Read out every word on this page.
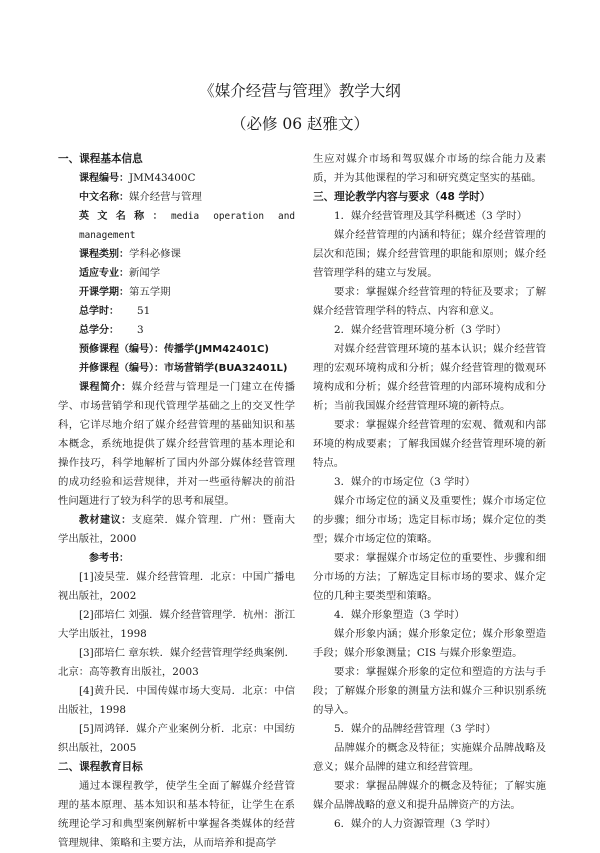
《媒介经营与管理》教学大纲
（必修 06 赵雅文）
一、课程基本信息
课程编号：JMM43400C
中文名称：媒介经营与管理
英文名称：media operation and management
课程类别：学科必修课
适应专业：新闻学
开课学期：第五学期
总学时： 51
总学分： 3
预修课程（编号）：传播学(JMM42401C)
并修课程（编号）：市场营销学(BUA32401L)
课程简介：媒介经营与管理是一门建立在传播学、市场营销学和现代管理学基础之上的交叉性学科，它详尽地介绍了媒介经营管理的基础知识和基本概念，系统地提供了媒介经营管理的基本理论和操作技巧，科学地解析了国内外部分媒体经营管理的成功经验和运营规律，并对一些亟待解决的前沿性问题进行了较为科学的思考和展望。
教材建议：支庭荣．媒介管理．广州：暨南大学出版社，2000
参考书：
[1]凌昊莹．媒介经营管理．北京：中国广播电视出版社，2002
[2]邵培仁 刘强．媒介经营管理学．杭州：浙江大学出版社，1998
[3]邵培仁 章东轶．媒介经营管理学经典案例．北京：高等教育出版社，2003
[4]黄升民．中国传媒市场大变局．北京：中信出版社，1998
[5]周鸿铎．媒介产业案例分析．北京：中国纺织出版社，2005
二、课程教育目标
通过本课程教学，使学生全面了解媒介经营管理的基本原理、基本知识和基本特征，让学生在系统理论学习和典型案例解析中掌握各类媒体的经营管理规律、策略和主要方法，从而培养和提高学
生应对媒介市场和驾驭媒介市场的综合能力及素质，并为其他课程的学习和研究奠定坚实的基础。
三、理论教学内容与要求（48 学时）
1．媒介经营管理及其学科概述（3 学时）
媒介经营管理的内涵和特征；媒介经营管理的层次和范围；媒介经营管理的职能和原则；媒介经营管理学科的建立与发展。
要求：掌握媒介经营管理的特征及要求；了解媒介经营管理学科的特点、内容和意义。
2．媒介经营管理环境分析（3 学时）
对媒介经营管理环境的基本认识；媒介经营管理的宏观环境构成和分析；媒介经营管理的微观环境构成和分析；媒介经营管理的内部环境构成和分析；当前我国媒介经营管理环境的新特点。
要求：掌握媒介经营管理的宏观、微观和内部环境的构成要素；了解我国媒介经营管理环境的新特点。
3．媒介的市场定位（3 学时）
媒介市场定位的涵义及重要性；媒介市场定位的步骤；细分市场；选定目标市场；媒介定位的类型；媒介市场定位的策略。
要求：掌握媒介市场定位的重要性、步骤和细分市场的方法；了解选定目标市场的要求、媒介定位的几种主要类型和策略。
4．媒介形象塑造（3 学时）
媒介形象内涵；媒介形象定位；媒介形象塑造手段；媒介形象测量；CIS 与媒介形象塑造。
要求：掌握媒介形象的定位和塑造的方法与手段；了解媒介形象的测量方法和媒介三种识别系统的导入。
5．媒介的品牌经营管理（3 学时）
品牌媒介的概念及特征；实施媒介品牌战略及意义；媒介品牌的建立和经营管理。
要求：掌握品牌媒介的概念及特征；了解实施媒介品牌战略的意义和提升品牌资产的方法。
6．媒介的人力资源管理（3 学时）
